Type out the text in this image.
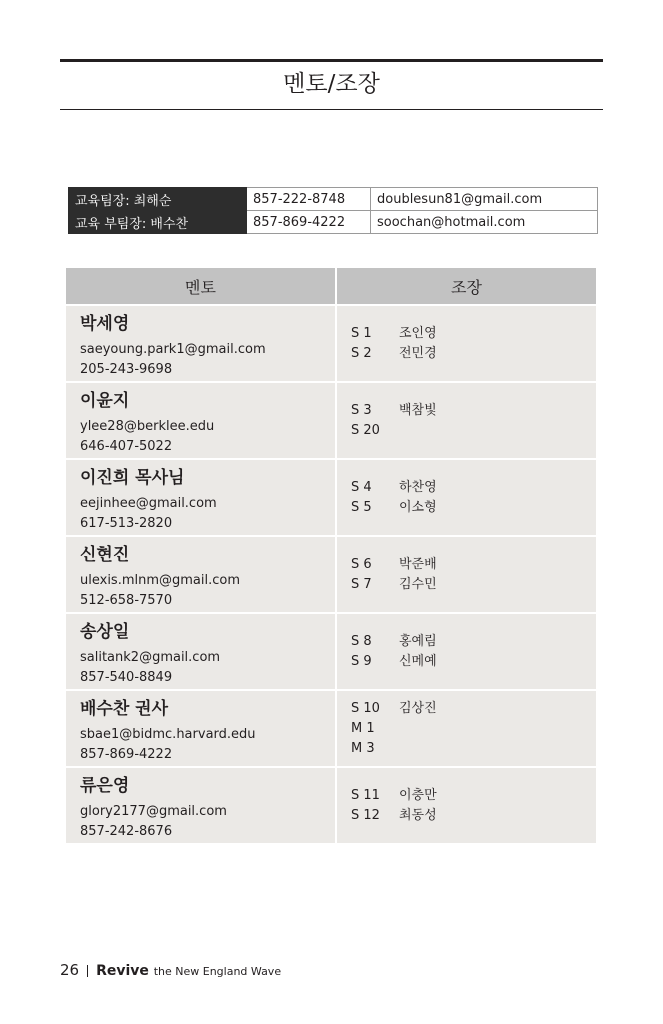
멘토/조장
교육팀장: 최해순	857-222-8748	doublesun81@gmail.com
교육 부팀장: 배수찬	857-869-4222	soochan@hotmail.com
멘토	조장
박세영
saeyoung.park1@gmail.com
205-243-9698
S 1	조인영
S 2	전민경
이윤지
ylee28@berklee.edu
646-407-5022
S 3	백참빛
S 20
이진희 목사님
eejinhee@gmail.com
617-513-2820
S 4	하찬영
S 5	이소형
신현진
ulexis.mlnm@gmail.com
512-658-7570
S 6	박준배
S 7	김수민
송상일
salitank2@gmail.com
857-540-8849
S 8	홍예림
S 9	신메예
배수찬 권사
sbae1@bidmc.harvard.edu
857-869-4222
S 10	김상진
M 1
M 3
류은영
glory2177@gmail.com
857-242-8676
S 11	이충만
S 12	최동성
26 Revive the New England Wave
